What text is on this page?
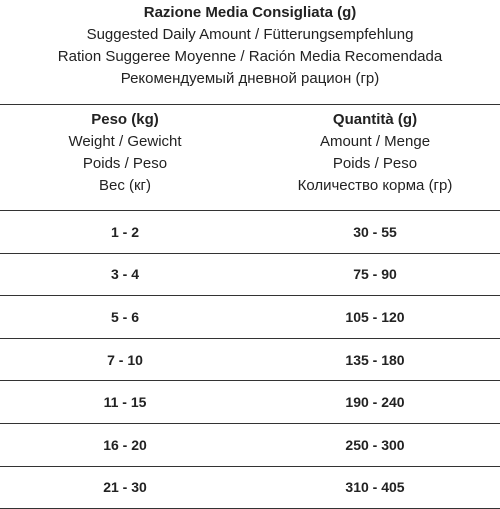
Razione Media Consigliata (g)
Suggested Daily Amount / Fütterungsempfehlung
Ration Suggeree Moyenne / Ración Media Recomendada
Рекомендуемый дневной рацион (гр)
Peso (kg)
Weight / Gewicht
Poids / Peso
Вес (кг)
Quantità (g)
Amount / Menge
Poids / Peso
Количество корма (гр)
1 - 2	30 - 55
3 - 4	75 - 90
5 - 6	105 - 120
7 - 10	135 - 180
11 - 15	190 - 240
16 - 20	250 - 300
21 - 30	310 - 405
